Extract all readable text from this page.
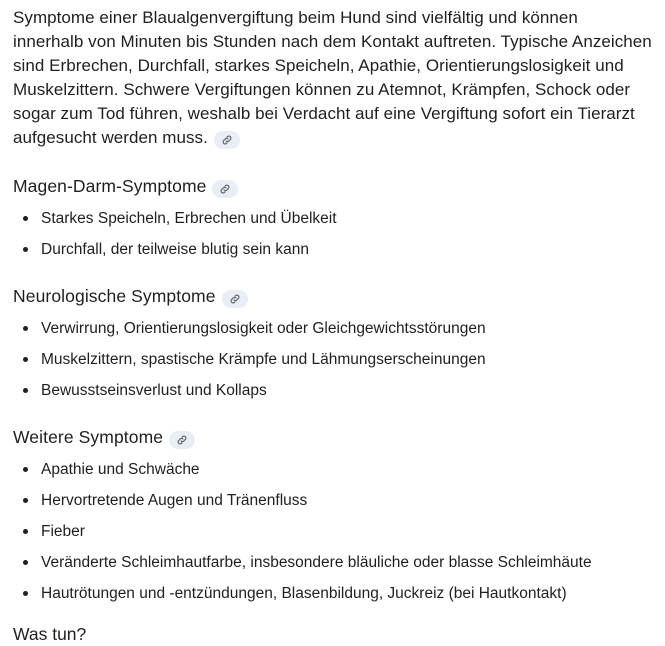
Symptome einer Blaualgenvergiftung beim Hund sind vielfältig und können innerhalb von Minuten bis Stunden nach dem Kontakt auftreten. Typische Anzeichen sind Erbrechen, Durchfall, starkes Speicheln, Apathie, Orientierungslosigkeit und Muskelzittern. Schwere Vergiftungen können zu Atemnot, Krämpfen, Schock oder sogar zum Tod führen, weshalb bei Verdacht auf eine Vergiftung sofort ein Tierarzt aufgesucht werden muss.

Magen-Darm-Symptome
Starkes Speicheln, Erbrechen und Übelkeit
Durchfall, der teilweise blutig sein kann
Neurologische Symptome
Verwirrung, Orientierungslosigkeit oder Gleichgewichtsstörungen
Muskelzittern, spastische Krämpfe und Lähmungserscheinungen
Bewusstseinsverlust und Kollaps
Weitere Symptome
Apathie und Schwäche
Hervortretende Augen und Tränenfluss
Fieber
Veränderte Schleimhautfarbe, insbesondere bläuliche oder blasse Schleimhäute
Hautrötungen und -entzündungen, Blasenbildung, Juckreiz (bei Hautkontakt)
Was tun?
